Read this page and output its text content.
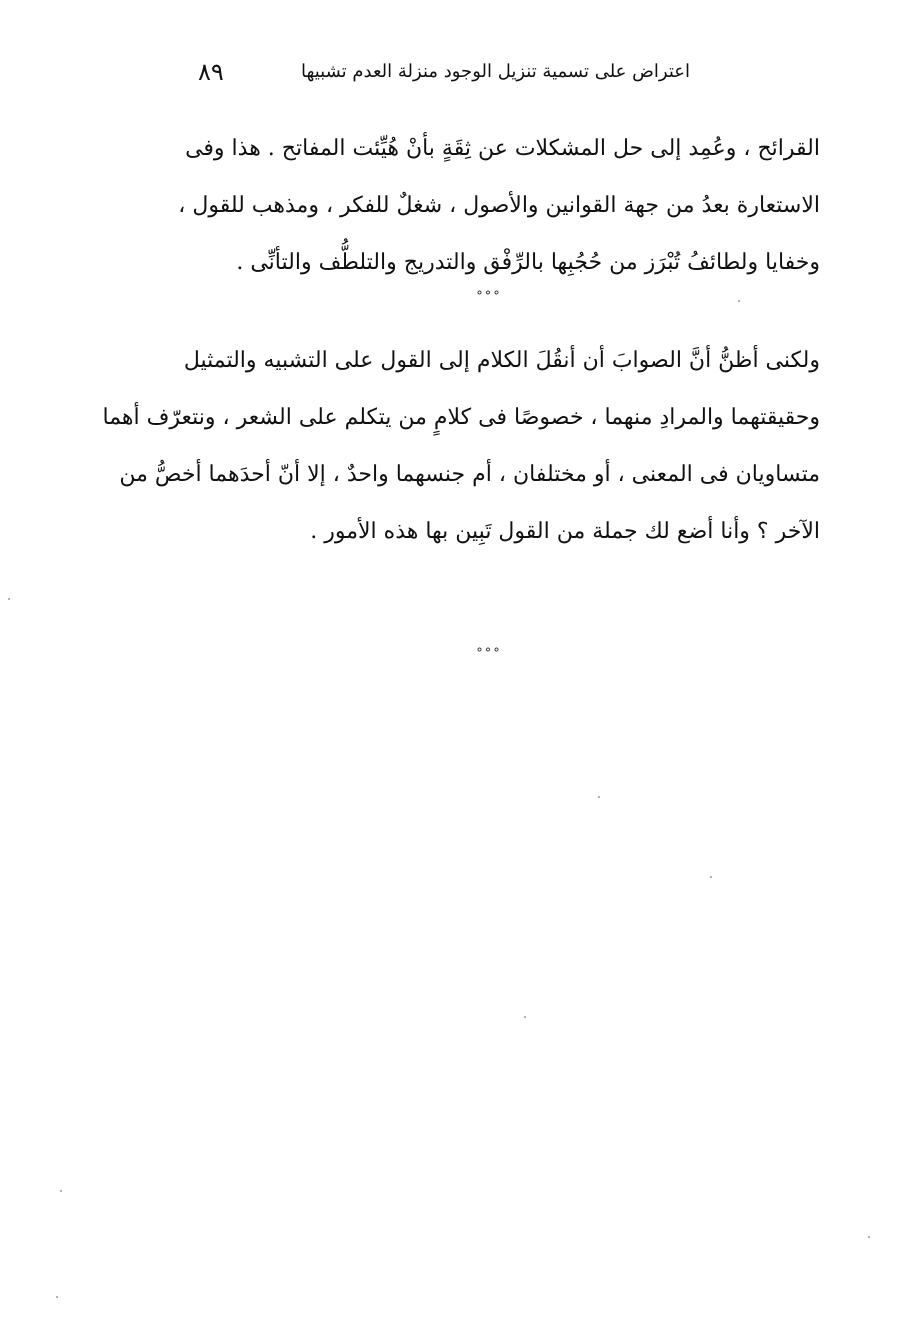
٨٩	اعتراض على تسمية تنزيل الوجود منزلة العدم تشبيها
القرائح ، وعُمِد إلى حل المشكلات عن ثِقَةٍ بأنْ هُيِّئت المفاتح . هذا وفى
الاستعارة بعدُ من جهة القوانين والأصول ، شغلٌ للفكر ، ومذهب للقول ،
وخفايا ولطائفُ تُبْرَز من حُجُبِها بالرِّفْق والتدريج والتلطُّف والتأنِّى .
°°°
ولكنى أظنُّ أنَّ الصوابَ أن أنقُلَ الكلام إلى القول على التشبيه والتمثيل
وحقيقتهما والمرادِ منهما ، خصوصًا فى كلامٍ من يتكلم على الشعر ، ونتعرّف أهما
متساويان فى المعنى ، أو مختلفان ، أم جنسهما واحدٌ ، إلا أنّ أحدَهما أخصُّ من
الآخر ؟ وأنا أضع لك جملة من القول تَبِين بها هذه الأمور .
°°°
